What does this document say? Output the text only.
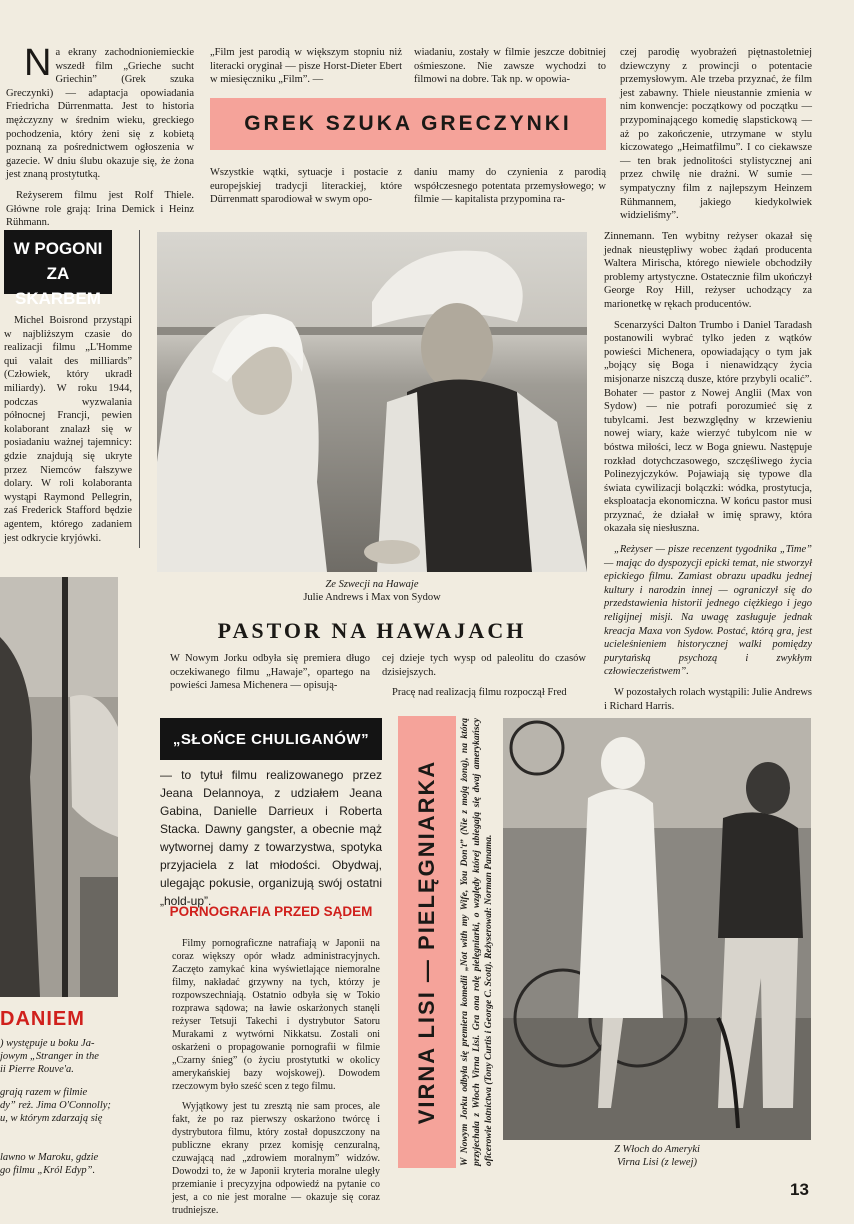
N a ekrany zachodnioniemieckie wszedł film „Griechе sucht Griechin” (Grek szuka Greczynki) — adaptacja opowiadania Friedricha Dürrenmatta. Jest to historia mężczyzny w średnim wieku, greckiego pochodzenia, który żeni się z kobietą poznaną za pośrednictwem ogłoszenia w gazecie. W dniu ślubu okazuje się, że żona jest znaną prostytutką.

Reżyserem filmu jest Rolf Thiele. Główne role grają: Irina Demick i Heinz Rühmann.

„Film jest parodią w większym stopniu niż literacki oryginał — pisze Horst-Dieter Ebert w miesięczniku „Film”. —
wiadaniu, zostały w filmie jeszcze dobitniej ośmieszone. Nie zawsze wychodzi to filmowi na dobre. Tak np. w opowia-
GREK SZUKA GRECZYNKI
Wszystkie wątki, sytuacje i postacie z europejskiej tradycji literackiej, które Dürrenmatt sparodiował w swym opo-
daniu mamy do czynienia z parodią współczesnego potentata przemysłowego; w filmie — kapitalista przypomina ra-
czej parodię wyobrażeń piętnastoletniej dziewczyny z prowincji o potentacie przemysłowym. Ale trzeba przyznać, że film jest zabawny. Thiele nieustannie zmienia w nim konwencje: początkowy od początku — przypominającego komedię slapstickową — aż po zakończenie, utrzymane w stylu kiczowatego „Heimatfilmu”. I co ciekawsze — ten brak jednolitości stylistycznej ani przez chwilę nie drażni. W sumie — sympatyczny film z najlepszym Heinzem Rühmannem, jakiego kiedykolwiek widzieliśmy”.
W POGONI
ZA SKARBEM

Michel Boisrond przystąpi w najbliższym czasie do realizacji filmu „L'Homme qui valait des milliards” (Człowiek, który ukradł miliardy). W roku 1944, podczas wyzwalania północnej Francji, pewien kolaborant znalazł się w posiadaniu ważnej tajemnicy: gdzie znajdują się ukryte przez Niemców fałszywe dolary. W roli kolaboranta wystąpi Raymond Pellegrin, zaś Frederick Stafford będzie agentem, którego zadaniem jest odkrycie kryjówki.

Ze Szwecji na Hawaje
Julie Andrews i Max von Sydow
PASTOR NA HAWAJACH
W Nowym Jorku odbyła się premiera długo oczekiwanego filmu „Hawaje”, opartego na powieści Jamesa Michenera — opisują-

cej dzieje tych wysp od paleolitu do czasów dzisiejszych.

Pracę nad realizacją filmu rozpoczął Fred

Zinnemann. Ten wybitny reżyser okazał się jednak nieustępliwy wobec żądań producenta Waltera Mirischa, którego niewiele obchodziły problemy artystyczne. Ostatecznie film ukończył George Roy Hill, reżyser uchodzący za marionetkę w rękach producentów.

Scenarzyści Dalton Trumbo i Daniel Taradash postanowili wybrać tylko jeden z wątków powieści Michenera, opowiadający o tym jak „bojący się Boga i nienawidzący życia misjonarze niszczą dusze, które przybyli ocalić”. Bohater — pastor z Nowej Anglii (Max von Sydow) — nie potrafi porozumieć się z tubylcami. Jest bezwzględny w krzewieniu nowej wiary, każe wierzyć tubylcom nie w bóstwa miłości, lecz w Boga gniewu. Następuje rozkład dotychczasowego, szczęśliwego życia Polinezyjczyków. Pojawiają się typowe dla świata cywilizacji bolączki: wódka, prostytucja, eksploatacja ekonomiczna. W końcu pastor musi przyznać, że działał w imię sprawy, która okazała się niesłuszna.

„Reżyser — pisze recenzent tygodnika „Time” — mając do dyspozycji epicki temat, nie stworzył epickiego filmu. Zamiast obrazu upadku jednej kultury i narodzin innej — ograniczył się do przedstawienia historii jednego ciężkiego i jego religijnej misji. Na uwagę zasługuje jednak kreacja Maxa von Sydow. Postać, którą gra, jest ucieleśnieniem historycznej walki pomiędzy purytańską psychozą i zwykłym człowieczeństwem”.

W pozostałych rolach wystąpili: Julie Andrews i Richard Harris.

DANIEM
) występuje u boku Ja-
jowym „Stranger in the
ii Pierre Rouve'a.
grają razem w filmie
dy” reż. Jima O'Connolly;
u, w którym zdarzają się
lawno w Maroku, gdzie
go filmu „Król Edyp”.
„SŁOŃCE CHULIGANÓW”
— to tytuł filmu realizowanego przez Jeana Delannoya, z udziałem Jeana Gabina, Danielle Darrieux i Roberta Stacka. Dawny gangster, a obecnie mąż wytwornej damy z towarzystwa, spotyka przyjaciela z lat młodości. Obydwaj, ulegając pokusie, organizują swój ostatni „hold-up”.
PORNOGRAFIA PRZED SĄDEM

Filmy pornograficzne natrafiają w Japonii na coraz większy opór władz administracyjnych. Zaczęto zamykać kina wyświetlające niemoralne filmy, nakładać grzywny na tych, którzy je rozpowszechniają. Ostatnio odbyła się w Tokio rozprawa sądowa; na ławie oskarżonych stanęli reżyser Tetsuji Takechi i dystrybutor Satoru Murakami z wytwórni Nikkatsu. Zostali oni oskarżeni o propagowanie pornografii w filmie „Czarny śnieg” (o życiu prostytutki w okolicy amerykańskiej bazy wojskowej). Dowodem rzeczowym było sześć scen z tego filmu.

Wyjątkowy jest tu zresztą nie sam proces, ale fakt, że po raz pierwszy oskarżono twórcę i dystrybutora filmu, który został dopuszczony na publiczne ekrany przez komisję cenzuralną, czuwającą nad „zdrowiem moralnym” widzów. Dowodzi to, że w Japonii kryteria moralne uległy przemianie i precyzyjna odpowiedź na pytanie co jest, a co nie jest moralne — okazuje się coraz trudniejsze.

VIRNA LISI — PIELĘGNIARKA W Nowym Jorku odbyła się premiera komedii „Not with my Wife, You Don't” (Nie z moją żoną), na którą przyjechała z Włoch Virna Lisi. Gra ona rolę pielęgniarki, o względy której ubiegają się dwaj amerykańscy oficerowie lotnictwa (Tony Curtis i George C. Scott). Reżyserował: Norman Panama.	Z Włoch do Ameryki
Virna Lisi (z lewej)
13
